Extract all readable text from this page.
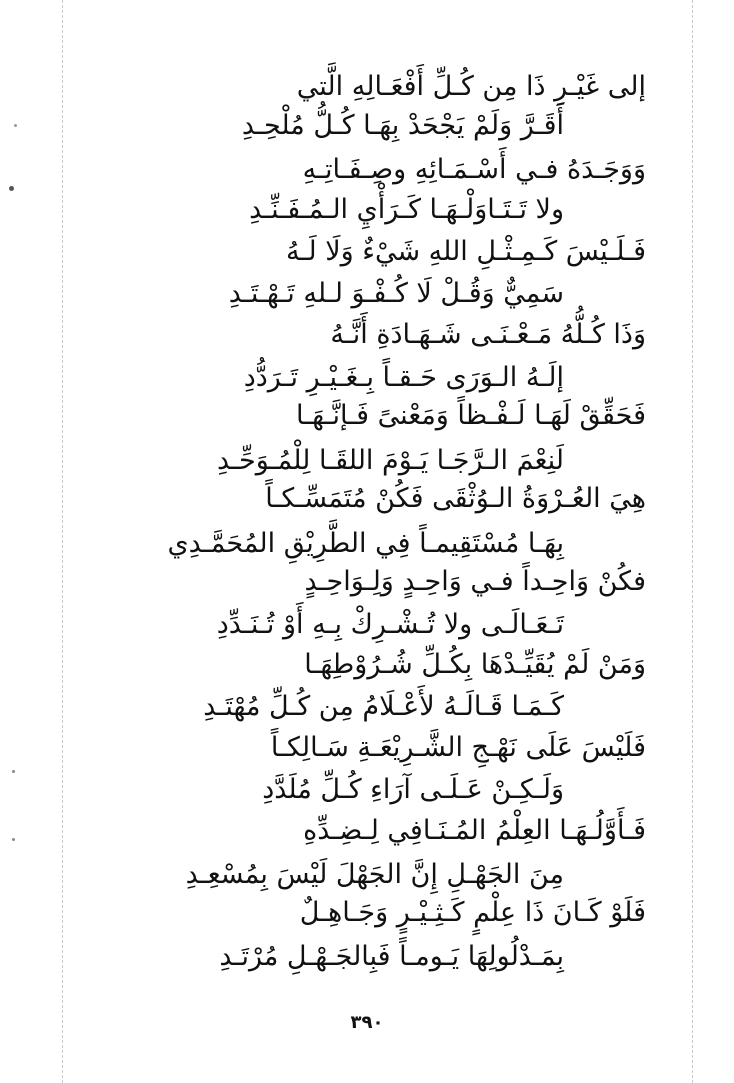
إلى غَيْـرِ ذَا مِن كُـلِّ أَفْعَـالِهِ الَّتي
أَقَـرَّ وَلَمْ يَجْحَدْ بِهَـا كُـلُّ مُلْحِـدِ
وَوَجَـدَهُ فـي أَسْـمَـائِهِ وصِـفَـاتِـهِ
ولا تَـتَـاوَلْـهَـا كَـرَأْيِ الـمُـفَـنِّـدِ
فَـلَـيْسَ كَـمِـثْـلِ اللهِ شَيْءٌ وَلَا لَـهُ
سَمِيٌّ وَقُـلْ لَا كُـفْـوَ لـلهِ تَـهْـتَـدِ
وَذَا كُـلُّهُ مَـعْـنَـى شَـهَـادَةِ أَنَّـهُ
إلَـهُ الـوَرَى حَـقـاً بِـغَـيْـرِ تَـرَدُّدِ
فَحَقِّقْ لَهَـا لَـفْـظاً وَمَعْنىً فَـإنَّـهَـا
لَنِعْمَ الـرَّجَـا يَـوْمَ اللقَـا لِلْمُـوَحِّـدِ
هِيَ العُـرْوَةُ الـوُثْقَى فَكُنْ مُتَمَسِّـكـاً
بِهَـا مُسْتَقِيمـاً فِي الطَّرِيْقِ المُحَمَّـدِي
فكُنْ وَاحِـداً فـي وَاحِـدٍ وَلِـوَاحِـدٍ
تَـعَـالَـى ولا تُـشْـرِكْ بِـهِ أَوْ تُـنَـدِّدِ
وَمَنْ لَمْ يُقَيِّـدْهَا بِكُـلِّ شُـرُوْطِهَـا
كَـمَـا قَـالَـهُ لأَعْـلَامُ مِن كُـلِّ مُهْتَـدِ
فَلَيْسَ عَلَى نَهْـجِ الشَّـرِيْعَـةِ سَـالِكـاً
وَلَـكِـنْ عَـلَـى آرَاءِ كُـلِّ مُلَدَّدِ
فَـأَوَّلُـهَـا العِلْمُ المُـنَـافِي لِـضِـدِّهِ
مِنَ الجَهْـلِ إِنَّ الجَهْلَ لَيْسَ بِمُسْعِـدِ
فَلَوْ كَـانَ ذَا عِلْمٍ كَـثِـيْـرٍ وَجَـاهِـلٌ
بِمَـدْلُولِهَا يَـومـاً فَبِالجَـهْـلِ مُرْتَـدِ
٣٩٠
